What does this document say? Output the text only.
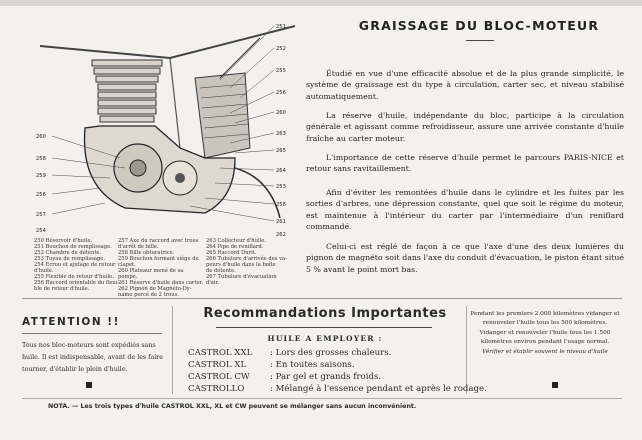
251
252
255
256
260
263
265
264
253
258
261
262
260
258
259
256
257
254
250 Réservoir d'huile.
251 Bouchon de remplissage.
252 Chambre de détente.
253 Tuyau de remplissage.
254 Ecrou et ajutage de retour
d'huile.
255 Flexible de retour d'huile.
256 Raccord orientable du flexi-
ble de retour d'huile.
257 Axe du raccord avec trous
d'arrêt de bille.
258 Bille obturatrice.
259 Bouchon formant siège du
clapet.
260 Plateaur mené de sa
pompe.
261 Réserve d'huile dans carter.
262 Pignon de Magnéto-Dy-
namo percé de 2 trous.
263 Collecteur d'huile.
264 Pipe de reniflard.
265 Raccord Durit.
266 Tubulure d'arrivée des va-
peurs d'huile dans la boîte
de détente.
267 Tubulure d'évacuation
d'air.
GRAISSAGE DU BLOC-MOTEUR
Étudié en vue d'une efficacité absolue et de la plus grande simplicité, le système de graissage est du type à circulation, carter sec, et niveau stabilisé automatiquement.
La réserve d'huile, indépendante du bloc, participe à la circulation générale et agissant comme refroidisseur, assure une arrivée constante d'huile fraîche au carter moteur.
L'importance de cette réserve d'huile permet le parcours PARIS-NICE et retour sans ravitaillement.
Afin d'éviter les remontées d'huile dans le cylindre et les fuites par les sorties d'arbres, une dépression constante, quel que soit le régime du moteur, est maintenue à l'intérieur du carter par l'intermédiaire d'un reniflard commandé.
Celui-ci est réglé de façon à ce que l'axe d'une des deux lumières du pignon de magnéto soit dans l'axe du conduit d'évacuation, le piston étant situé 5 % avant le point mort bas.
ATTENTION !!
Tous nos bloc-moteurs sont expédiés sans huile. Il est indispensable, avant de les faire tourner, d'établir le plein d'huile.
Recommandations Importantes
HUILE A EMPLOYER :
CASTROL XXL : Lors des grosses chaleurs.
CASTROL XL	: En toutes saisons.
CASTROL CW : Par gel et grands froids.
CASTROLLO	: Mélangé à l'essence pendant et après le rodage.
Pendant les premiers 2.000 kilomètres vidanger et renouveler l'huile tous les 500 kilomètres. Vidanger et renouveler l'huile tous les 1.500 kilomètres environ pendant l'usage normal. Vérifier et établir souvent le niveau d'huile
NOTA. — Les trois types d'huile CASTROL XXL, XL et CW peuvent se mélanger sans aucun inconvénient.
